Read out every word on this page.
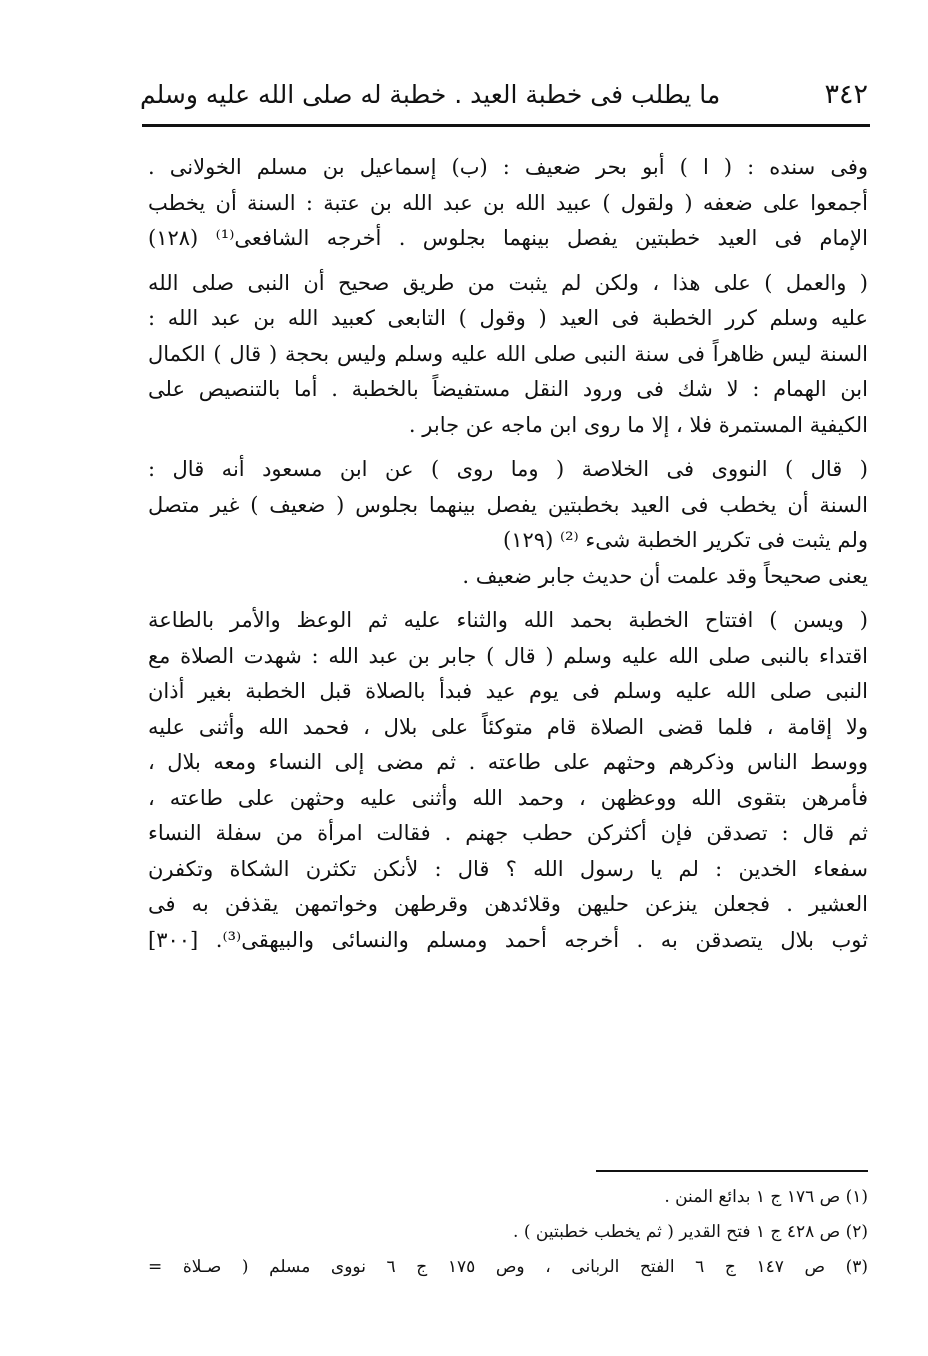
٣٤٢
ما يطلب فى خطبة العيد . خطبة له صلى الله عليه وسلم
وفى سنده : ( ا ) أبو بحر ضعيف : (ب) إسماعيل بن مسلم الخولانى .
أجمعوا على ضعفه ( ولقول ) عبيد الله بن عبد الله بن عتبة : السنة أن يخطب
الإمام فى العيد خطبتين يفصل بينهما بجلوس . أخرجه الشافعى⁽¹⁾ (١٢٨)
( والعمل ) على هذا ، ولكن لم يثبت من طريق صحيح أن النبى صلى الله
عليه وسلم كرر الخطبة فى العيد ( وقول ) التابعى كعبيد الله بن عبد الله :
السنة ليس ظاهراً فى سنة النبى صلى الله عليه وسلم وليس بحجة ( قال ) الكمال
ابن الهمام : لا شك فى ورود النقل مستفيضاً بالخطبة . أما بالتنصيص على
الكيفية المستمرة فلا ، إلا ما روى ابن ماجه عن جابر .
( قال ) النووى فى الخلاصة ( وما روى ) عن ابن مسعود أنه قال :
السنة أن يخطب فى العيد بخطبتين يفصل بينهما بجلوس ( ضعيف ) غير متصل
ولم يثبت فى تكرير الخطبة شىء ⁽²⁾ (١٢٩)
يعنى صحيحاً وقد علمت أن حديث جابر ضعيف .
( ويسن ) افتتاح الخطبة بحمد الله والثناء عليه ثم الوعظ والأمر بالطاعة
اقتداء بالنبى صلى الله عليه وسلم ( قال ) جابر بن عبد الله : شهدت الصلاة مع
النبى صلى الله عليه وسلم فى يوم عيد فبدأ بالصلاة قبل الخطبة بغير أذان
ولا إقامة ، فلما قضى الصلاة قام متوكئاً على بلال ، فحمد الله وأثنى عليه
ووسط الناس وذكرهم وحثهم على طاعته . ثم مضى إلى النساء ومعه بلال ،
فأمرهن بتقوى الله ووعظهن ، وحمد الله وأثنى عليه وحثهن على طاعته ،
ثم قال : تصدقن فإن أكثركن حطب جهنم . فقالت امرأة من سفلة النساء
سفعاء الخدين : لم يا رسول الله ؟ قال : لأنكن تكثرن الشكاة وتكفرن
العشير . فجعلن ينزعن حليهن وقلائدهن وقرطهن وخواتمهن يقذفن به فى
ثوب بلال يتصدقن به . أخرجه أحمد ومسلم والنسائى والبيهقى⁽³⁾. [٣٠٠]
(١) ص ١٧٦ ج ١ بدائع المنن .
(٢) ص ٤٢٨ ج ١ فتح القدير ( ثم يخطب خطبتين ) .
(٣) ص ١٤٧ ج ٦ الفتح الربانى ، وص ١٧٥ ج ٦ نووى مسلم ( صـلاة =
